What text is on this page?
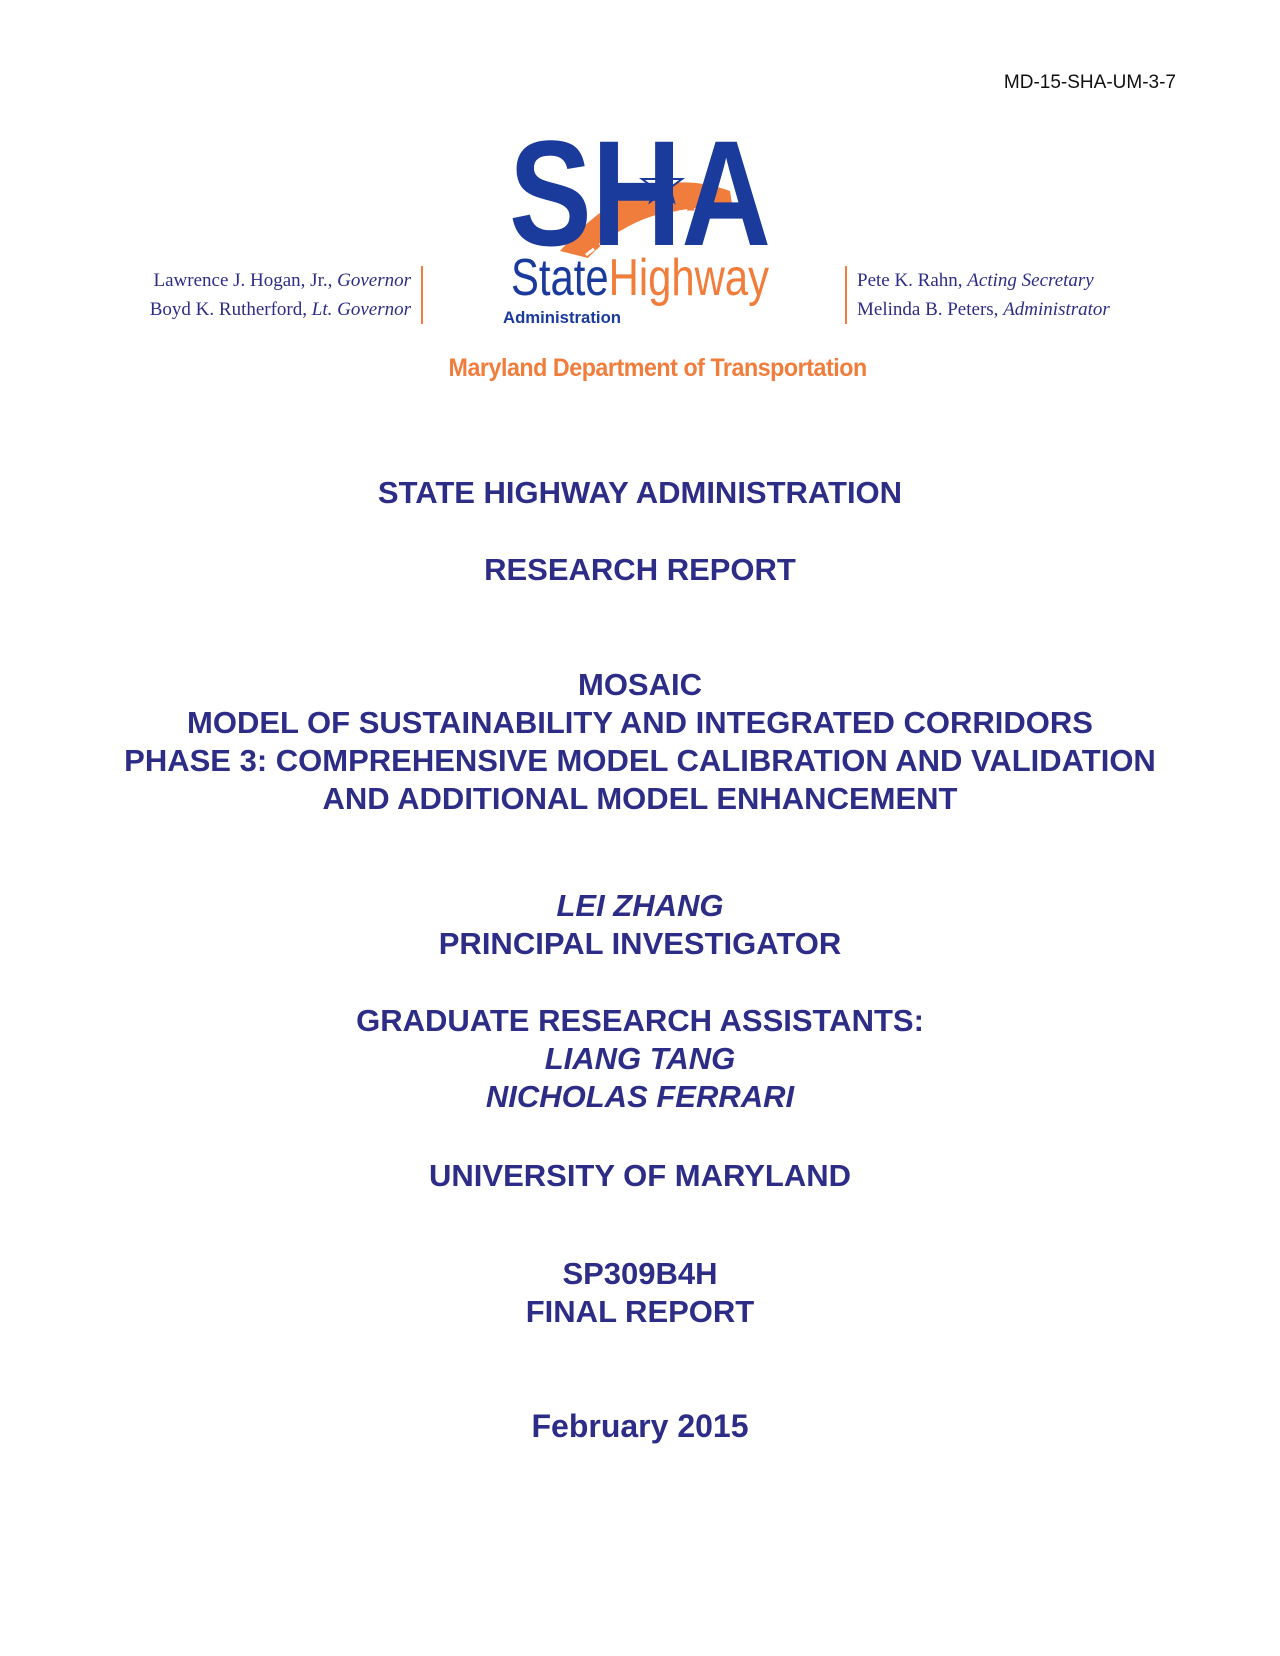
MD-15-SHA-UM-3-7
Lawrence J. Hogan, Jr., Governor
Boyd K. Rutherford, Lt. Governor
SHA
StateHighway
Administration
Pete K. Rahn, Acting Secretary
Melinda B. Peters, Administrator
Maryland Department of Transportation
STATE HIGHWAY ADMINISTRATION
RESEARCH REPORT
MOSAIC
MODEL OF SUSTAINABILITY AND INTEGRATED CORRIDORS
PHASE 3: COMPREHENSIVE MODEL CALIBRATION AND VALIDATION
AND ADDITIONAL MODEL ENHANCEMENT
LEI ZHANG
PRINCIPAL INVESTIGATOR
GRADUATE RESEARCH ASSISTANTS:
LIANG TANG
NICHOLAS FERRARI
UNIVERSITY OF MARYLAND
SP309B4H
FINAL REPORT
February 2015
